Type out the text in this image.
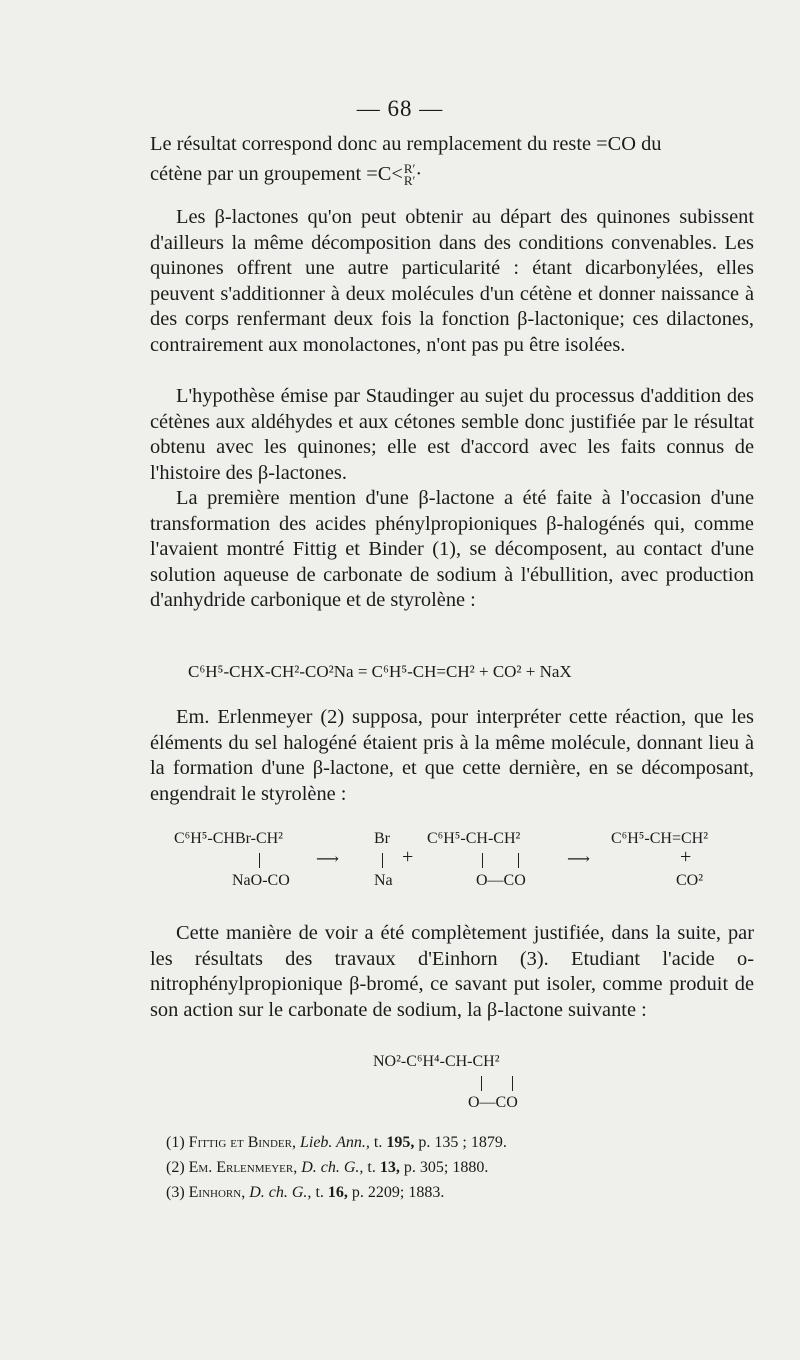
— 68 —

Le résultat correspond donc au remplacement du reste =CO du

cétène par un groupement =C< R′
R′ ·

Les β-lactones qu'on peut obtenir au départ des quinones subissent d'ailleurs la même décomposition dans des conditions convenables. Les quinones offrent une autre particularité : étant dicarbonylées, elles peuvent s'additionner à deux molécules d'un cétène et donner naissance à des corps renfermant deux fois la fonction β-lactonique; ces dilactones, contrairement aux monolactones, n'ont pas pu être isolées.
L'hypothèse émise par Staudinger au sujet du processus d'addition des cétènes aux aldéhydes et aux cétones semble donc justifiée par le résultat obtenu avec les quinones; elle est d'accord avec les faits connus de l'histoire des β-lactones.
La première mention d'une β-lactone a été faite à l'occasion d'une transformation des acides phénylpropioniques β-halogénés qui, comme l'avaient montré Fittig et Binder (1), se décomposent, au contact d'une solution aqueuse de carbonate de sodium à l'ébullition, avec production d'anhydride carbonique et de styrolène :
C⁶H⁵-CHX-CH²-CO²Na = C⁶H⁵-CH=CH² + CO² + NaX
Em. Erlenmeyer (2) supposa, pour interpréter cette réaction, que les éléments du sel halogéné étaient pris à la même molécule, donnant lieu à la formation d'une β-lactone, et que cette dernière, en se décomposant, engendrait le styrolène :
C⁶H⁵-CHBr-CH²
NaO-CO
⟶
Br
+
Na
C⁶H⁵-CH-CH²
O—CO
⟶
C⁶H⁵-CH=CH²
+
CO²
Cette manière de voir a été complètement justifiée, dans la suite, par les résultats des travaux d'Einhorn (3). Etudiant l'acide o-nitrophénylpropionique β-bromé, ce savant put isoler, comme produit de son action sur le carbonate de sodium, la β-lactone suivante :
NO²-C⁶H⁴-CH-CH²
O—CO
(1) Fittig et Binder, Lieb. Ann., t. 195, p. 135 ; 1879.
(2) Em. Erlenmeyer, D. ch. G., t. 13, p. 305; 1880.
(3) Einhorn, D. ch. G., t. 16, p. 2209; 1883.
